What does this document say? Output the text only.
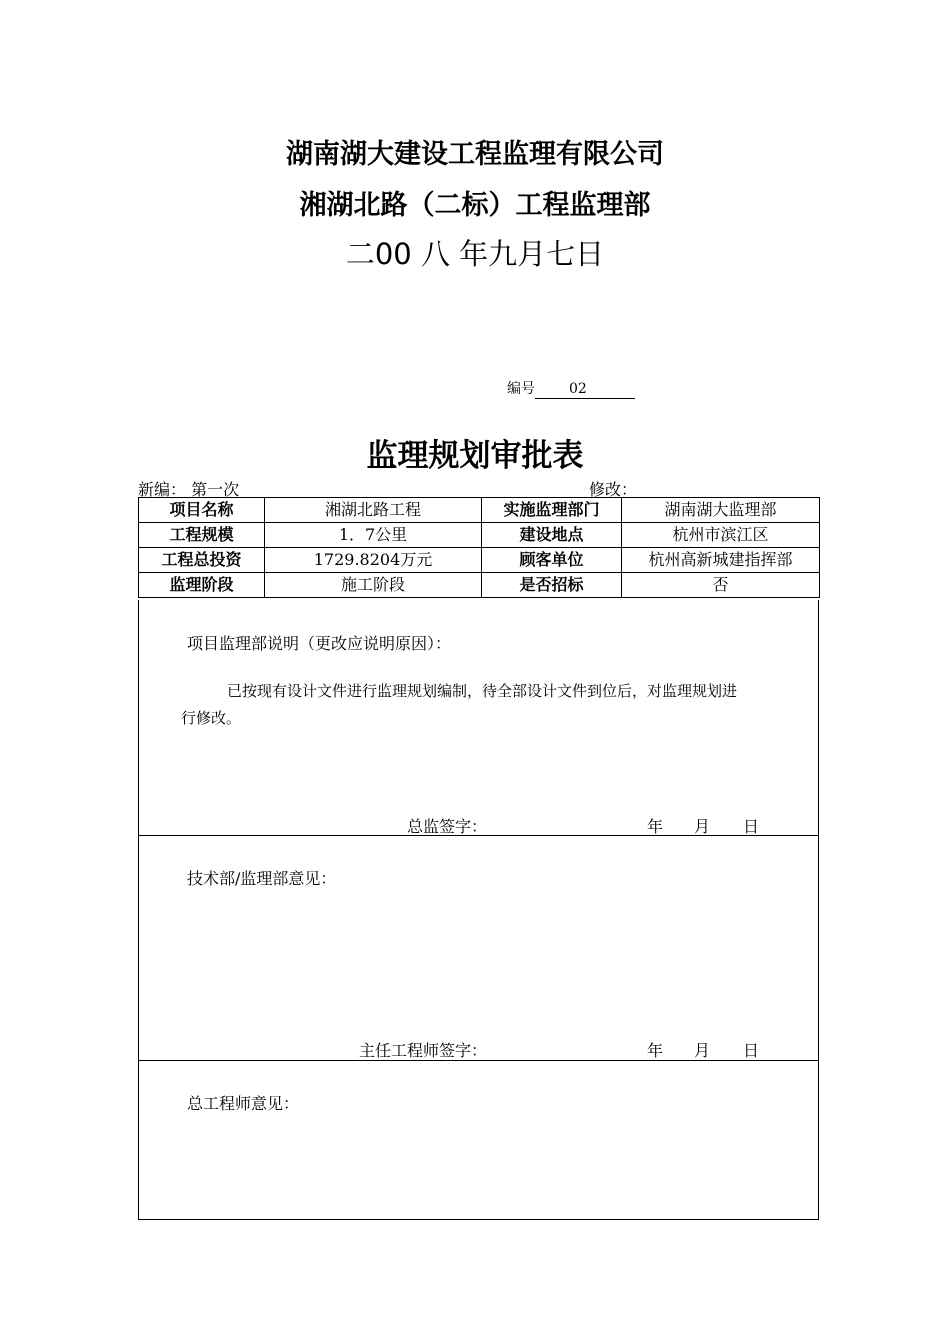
湖南湖大建设工程监理有限公司
湘湖北路（二标）工程监理部
二00 八 年九月七日
编号 02
监理规划审批表
新编： 第一次	修改：
项目名称	湘湖北路工程	实施监理部门	湖南湖大监理部
工程规模	1．7公里	建设地点	杭州市滨江区
工程总投资	1729.8204万元	顾客单位	杭州高新城建指挥部
监理阶段	施工阶段	是否招标	否
项目监理部说明（更改应说明原因）：
已按现有设计文件进行监理规划编制，待全部设计文件到位后，对监理规划进
行修改。
总监签字：	年 月 日
技术部/监理部意见：
主任工程师签字：	年 月 日
总工程师意见：
